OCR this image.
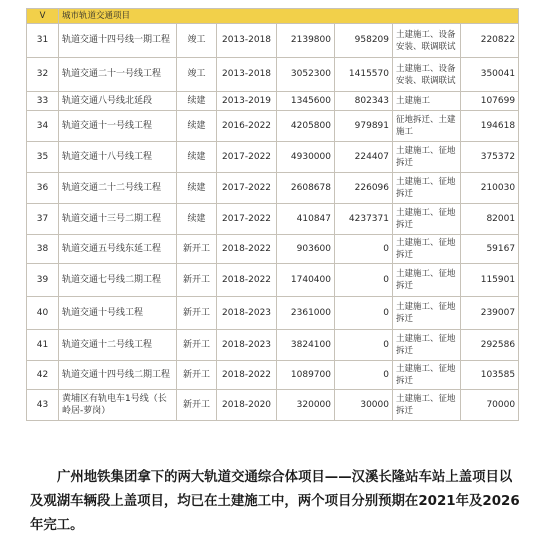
V	城市轨道交通项目						
31	轨道交通十四号线一期工程	竣工	2013-2018	2139800	958209	土建施工、设备安装、联调联试	220822
32	轨道交通二十一号线工程	竣工	2013-2018	3052300	1415570	土建施工、设备安装、联调联试	350041
33	轨道交通八号线北延段	续建	2013-2019	1345600	802343	土建施工	107699
34	轨道交通十一号线工程	续建	2016-2022	4205800	979891	征地拆迁、土建施工	194618
35	轨道交通十八号线工程	续建	2017-2022	4930000	224407	土建施工、征地拆迁	375372
36	轨道交通二十二号线工程	续建	2017-2022	2608678	226096	土建施工、征地拆迁	210030
37	轨道交通十三号二期工程	续建	2017-2022	410847	4237371	土建施工、征地拆迁	82001
38	轨道交通五号线东延工程	新开工	2018-2022	903600	0	土建施工、征地拆迁	59167
39	轨道交通七号线二期工程	新开工	2018-2022	1740400	0	土建施工、征地拆迁	115901
40	轨道交通十号线工程	新开工	2018-2023	2361000	0	土建施工、征地拆迁	239007
41	轨道交通十二号线工程	新开工	2018-2023	3824100	0	土建施工、征地拆迁	292586
42	轨道交通十四号线二期工程	新开工	2018-2022	1089700	0	土建施工、征地拆迁	103585
43	黄埔区有轨电车1号线（长岭居-萝岗）	新开工	2018-2020	320000	30000	土建施工、征地拆迁	70000
广州地铁集团拿下的两大轨道交通综合体项目——汉溪长隆站车站上盖项目以及观湖车辆段上盖项目，均已在土建施工中，两个项目分别预期在2021年及2026年完工。
